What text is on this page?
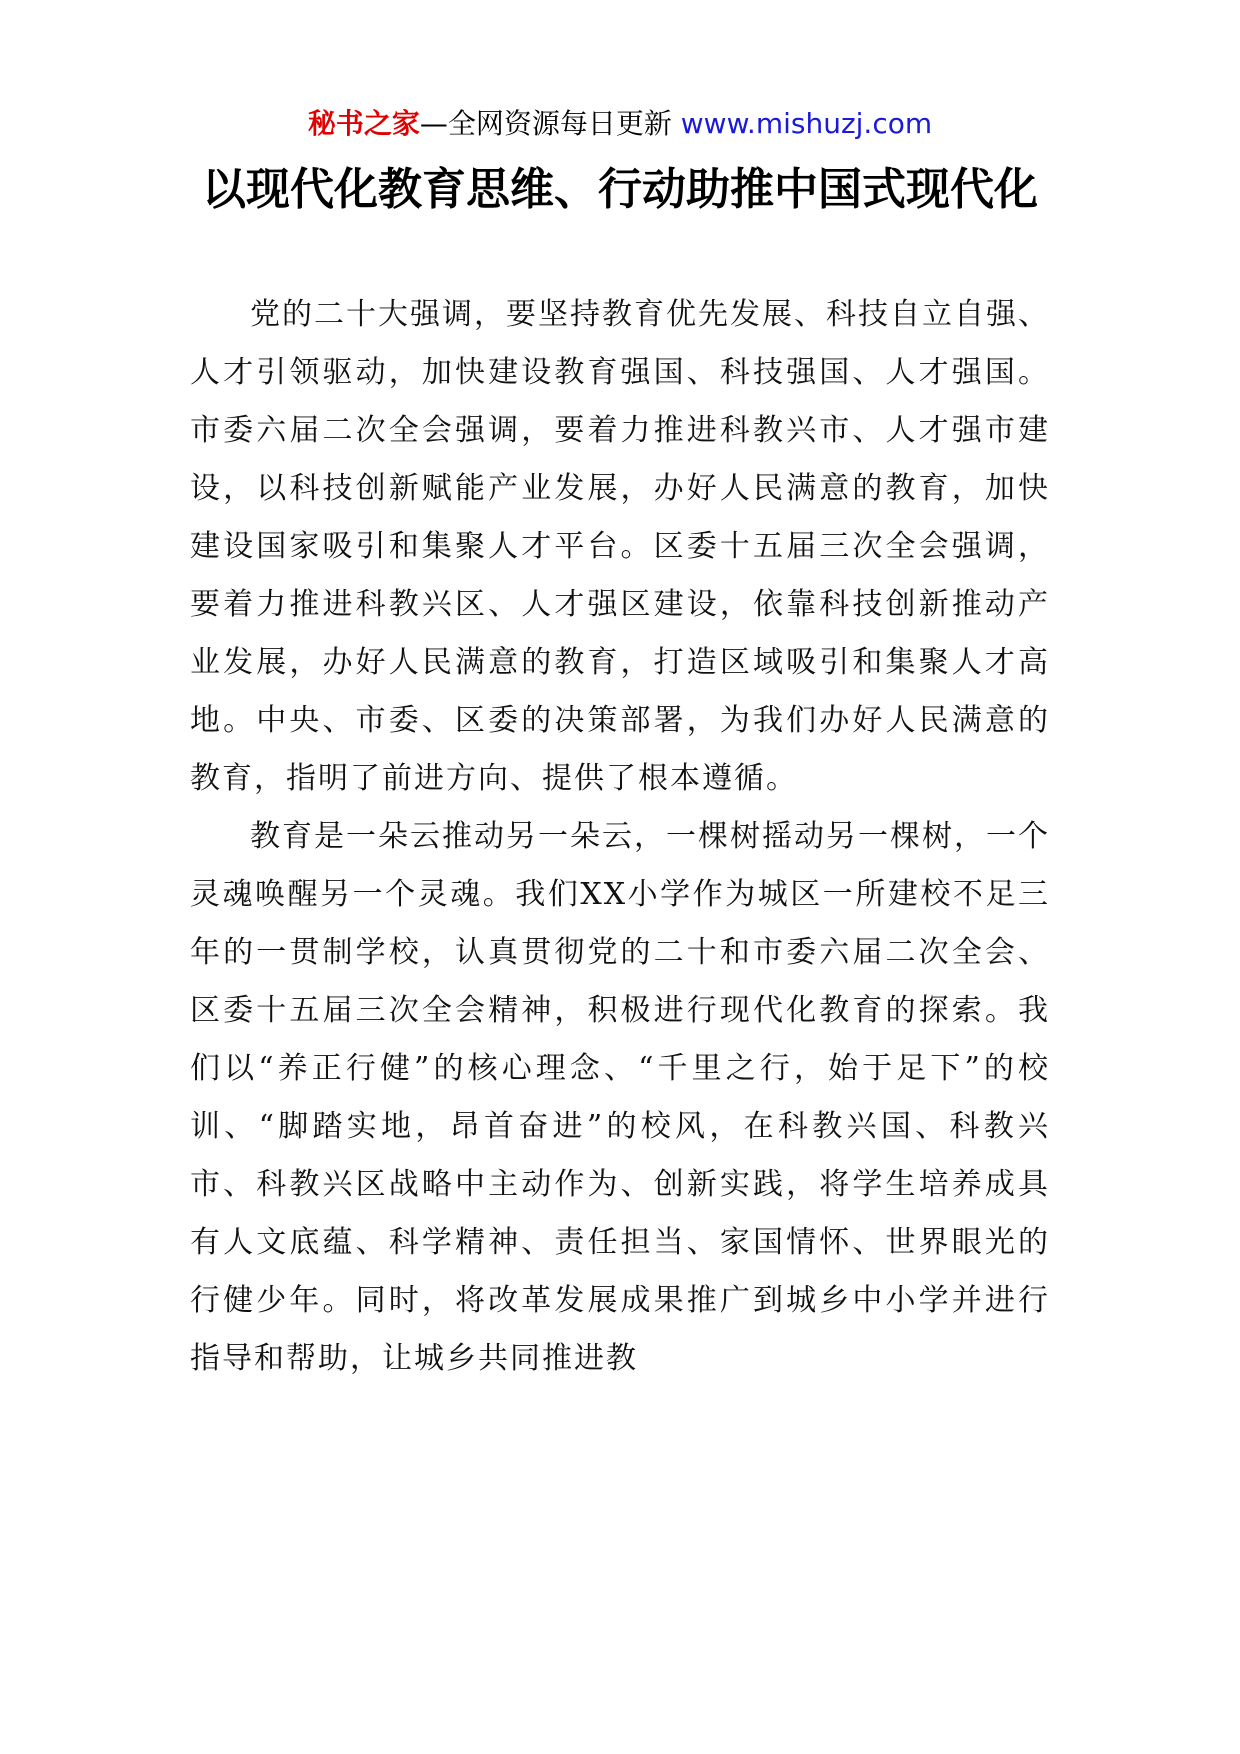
秘书之家—全网资源每日更新 www.mishuzj.com
以现代化教育思维、行动助推中国式现代化

党的二十大强调，要坚持教育优先发展、科技自立自强、人才引领驱动，加快建设教育强国、科技强国、人才强国。市委六届二次全会强调，要着力推进科教兴市、人才强市建设，以科技创新赋能产业发展，办好人民满意的教育，加快建设国家吸引和集聚人才平台。区委十五届三次全会强调，要着力推进科教兴区、人才强区建设，依靠科技创新推动产业发展，办好人民满意的教育，打造区域吸引和集聚人才高地。中央、市委、区委的决策部署，为我们办好人民满意的教育，指明了前进方向、提供了根本遵循。

教育是一朵云推动另一朵云，一棵树摇动另一棵树，一个灵魂唤醒另一个灵魂。我们XX小学作为城区一所建校不足三年的一贯制学校，认真贯彻党的二十和市委六届二次全会、区委十五届三次全会精神，积极进行现代化教育的探索。我们以“养正行健”的核心理念、“千里之行，始于足下”的校训、“脚踏实地，昂首奋进”的校风，在科教兴国、科教兴市、科教兴区战略中主动作为、创新实践，将学生培养成具有人文底蕴、科学精神、责任担当、家国情怀、世界眼光的行健少年。同时，将改革发展成果推广到城乡中小学并进行指导和帮助，让城乡共同推进教
